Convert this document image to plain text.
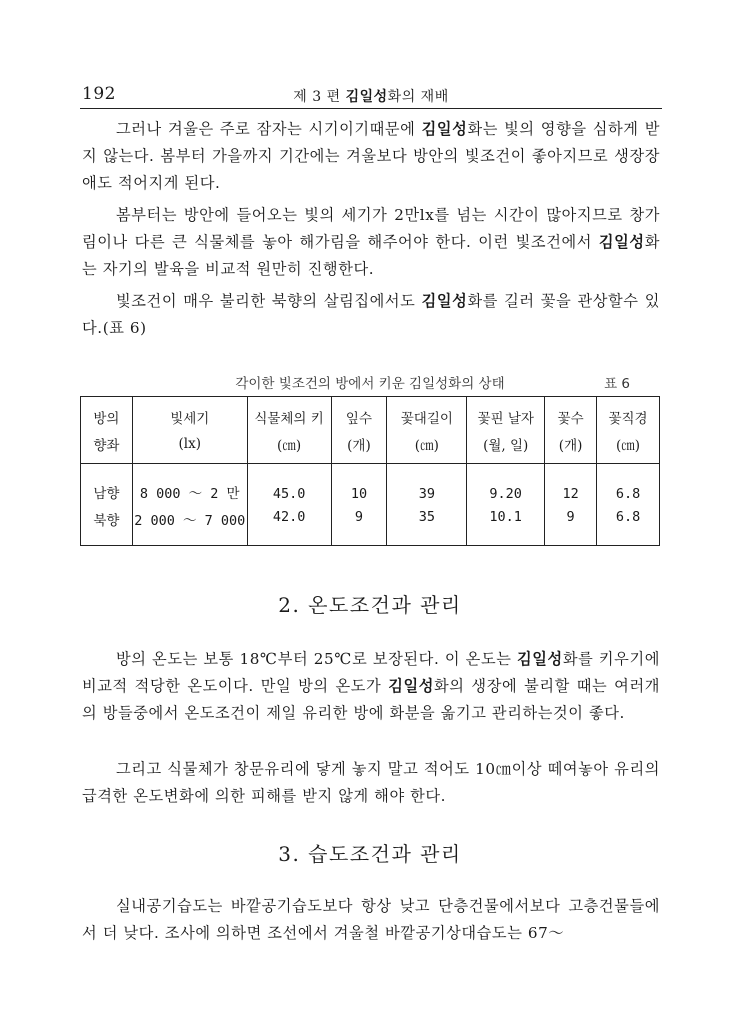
192	제 3 편 김일성화의 재배

그러나 겨울은 주로 잠자는 시기이기때문에 김일성화는 빛의 영향을 심하게 받지 않는다. 봄부터 가을까지 기간에는 겨울보다 방안의 빛조건이 좋아지므로 생장장애도 적어지게 된다.

봄부터는 방안에 들어오는 빛의 세기가 2만lx를 넘는 시간이 많아지므로 창가림이나 다른 큰 식물체를 놓아 해가림을 해주어야 한다. 이런 빛조건에서 김일성화는 자기의 발육을 비교적 원만히 진행한다.

빛조건이 매우 불리한 북향의 살림집에서도 김일성화를 길러 꽃을 관상할수 있다.(표 6)

각이한 빛조건의 방에서 키운 김일성화의 상태	표 6
방의	빛세기	식물체의 키	잎수	꽃대길이	꽃핀 날자	꽃수	꽃직경
향좌	(lx)	(㎝)	(개)	(㎝)	(월, 일)	(개)	(㎝)
남향	8 000 ～ 2 만	45.0	10	39	9.20	12	6.8
북향	2 000 ～ 7 000	42.0	9	35	10.1	9	6.8
2. 온도조건과 관리

방의 온도는 보통 18℃부터 25℃로 보장된다. 이 온도는 김일성화를 키우기에 비교적 적당한 온도이다. 만일 방의 온도가 김일성화의 생장에 불리할 때는 여러개의 방들중에서 온도조건이 제일 유리한 방에 화분을 옮기고 관리하는것이 좋다.

그리고 식물체가 창문유리에 닿게 놓지 말고 적어도 10㎝이상 떼여놓아 유리의 급격한 온도변화에 의한 피해를 받지 않게 해야 한다.

3. 습도조건과 관리

실내공기습도는 바깥공기습도보다 항상 낮고 단층건물에서보다 고층건물들에서 더 낮다. 조사에 의하면 조선에서 겨울철 바깥공기상대습도는 67～
